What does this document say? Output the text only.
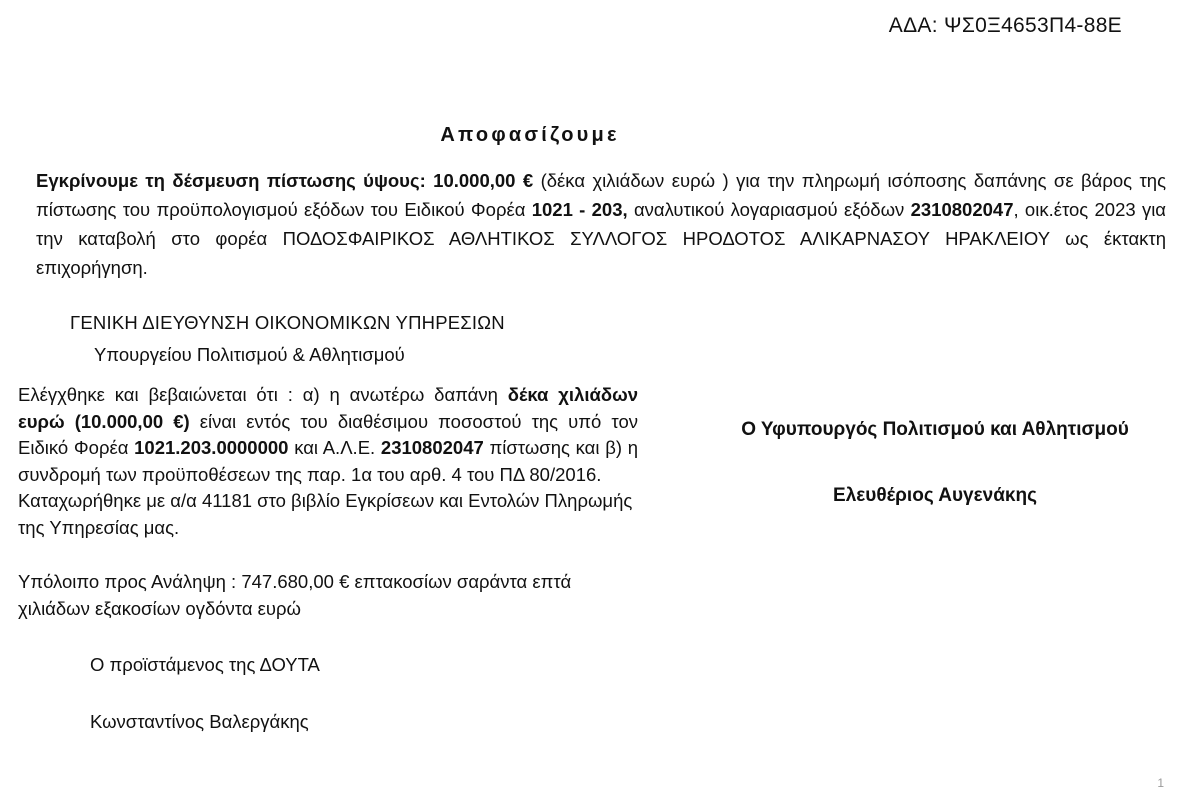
ΑΔΑ: ΨΣ0Ξ4653Π4-88Ε
Αποφασίζουμε
Εγκρίνουμε τη δέσμευση πίστωσης ύψους: 10.000,00 € (δέκα χιλιάδων ευρώ ) για την πληρωμή ισόποσης δαπάνης σε βάρος της πίστωσης του προϋπολογισμού εξόδων του Ειδικού Φορέα 1021 - 203, αναλυτικού λογαριασμού εξόδων 2310802047, οικ.έτος 2023 για την καταβολή στο φορέα ΠΟΔΟΣΦΑΙΡΙΚΟΣ ΑΘΛΗΤΙΚΟΣ ΣΥΛΛΟΓΟΣ ΗΡΟΔΟΤΟΣ ΑΛΙΚΑΡΝΑΣΟΥ ΗΡΑΚΛΕΙΟΥ ως έκτακτη επιχορήγηση.
ΓΕΝΙΚΗ ΔΙΕΥΘΥΝΣΗ ΟΙΚΟΝΟΜΙΚΩΝ ΥΠΗΡΕΣΙΩΝ
Υπουργείου Πολιτισμού & Αθλητισμού
Ελέγχθηκε και βεβαιώνεται ότι : α) η ανωτέρω δαπάνη δέκα χιλιάδων ευρώ (10.000,00 €) είναι εντός του διαθέσιμου ποσοστού της υπό τον Ειδικό Φορέα 1021.203.0000000 και Α.Λ.Ε. 2310802047 πίστωσης και β) η συνδρομή των προϋποθέσεων της παρ. 1α του αρθ. 4 του ΠΔ 80/2016.
Καταχωρήθηκε με α/α 41181 στο βιβλίο Εγκρίσεων και Εντολών Πληρωμής της Υπηρεσίας μας.
Υπόλοιπο προς Ανάληψη : 747.680,00 € επτακοσίων σαράντα επτά χιλιάδων εξακοσίων ογδόντα ευρώ
Ο προϊστάμενος της ΔΟΥΤΑ
Κωνσταντίνος Βαλεργάκης
Ο Υφυπουργός Πολιτισμού και Αθλητισμού
Ελευθέριος Αυγενάκης
1
